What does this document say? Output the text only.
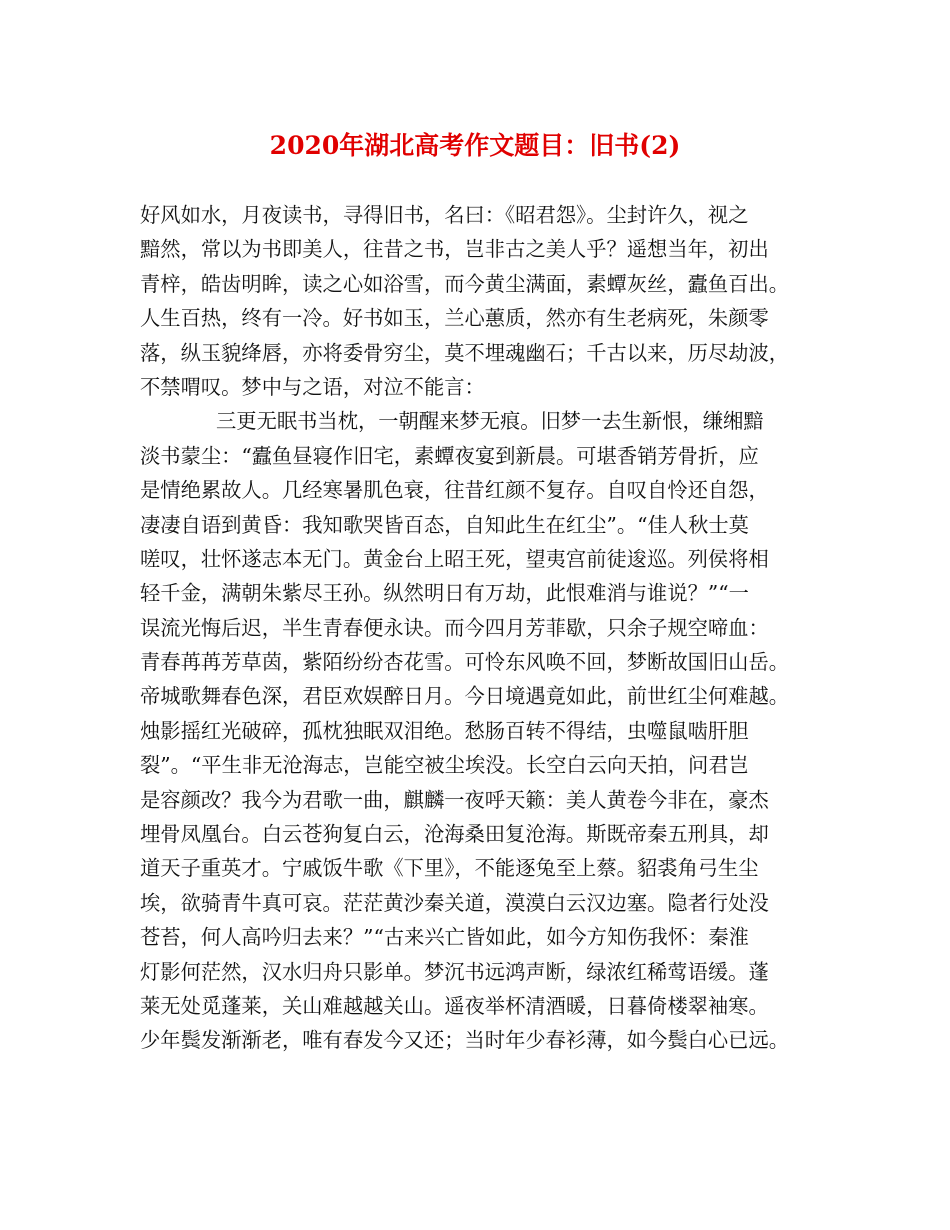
2020年湖北高考作文题目：旧书(2)
好风如水，月夜读书，寻得旧书，名曰：《昭君怨》。尘封许久，视之
黯然，常以为书即美人，往昔之书，岂非古之美人乎？遥想当年，初出
青梓，皓齿明眸，读之心如浴雪，而今黄尘满面，素蟫灰丝，蠹鱼百出。
人生百热，终有一冷。好书如玉，兰心蕙质，然亦有生老病死，朱颜零
落，纵玉貌绛唇，亦将委骨穷尘，莫不埋魂幽石；千古以来，历尽劫波，
不禁喟叹。梦中与之语，对泣不能言：
三更无眠书当枕，一朝醒来梦无痕。旧梦一去生新恨，缣缃黯
淡书蒙尘：“蠹鱼昼寝作旧宅，素蟫夜宴到新晨。可堪香销芳骨折，应
是情绝累故人。几经寒暑肌色衰，往昔红颜不复存。自叹自怜还自怨，
凄凄自语到黄昏：我知歌哭皆百态，自知此生在红尘”。“佳人秋士莫
嗟叹，壮怀遂志本无门。黄金台上昭王死，望夷宫前徒逡巡。列侯将相
轻千金，满朝朱紫尽王孙。纵然明日有万劫，此恨难消与谁说？”“一
误流光悔后迟，半生青春便永诀。而今四月芳菲歇，只余子规空啼血：
青春苒苒芳草茵，紫陌纷纷杏花雪。可怜东风唤不回，梦断故国旧山岳。
帝城歌舞春色深，君臣欢娱醉日月。今日境遇竟如此，前世红尘何难越。
烛影摇红光破碎，孤枕独眠双泪绝。愁肠百转不得结，虫噬鼠啮肝胆
裂”。“平生非无沧海志，岂能空被尘埃没。长空白云向天拍，问君岂
是容颜改？我今为君歌一曲，麒麟一夜呼天籁：美人黄卷今非在，豪杰
埋骨凤凰台。白云苍狗复白云，沧海桑田复沧海。斯既帝秦五刑具，却
道天子重英才。宁戚饭牛歌《下里》，不能逐兔至上蔡。貂裘角弓生尘
埃，欲骑青牛真可哀。茫茫黄沙秦关道，漠漠白云汉边塞。隐者行处没
苍苔，何人高吟归去来？”“古来兴亡皆如此，如今方知伤我怀：秦淮
灯影何茫然，汉水归舟只影单。梦沉书远鸿声断，绿浓红稀莺语缓。蓬
莱无处觅蓬莱，关山难越越关山。遥夜举杯清酒暖，日暮倚楼翠袖寒。
少年鬓发渐渐老，唯有春发今又还；当时年少春衫薄，如今鬓白心已远。
